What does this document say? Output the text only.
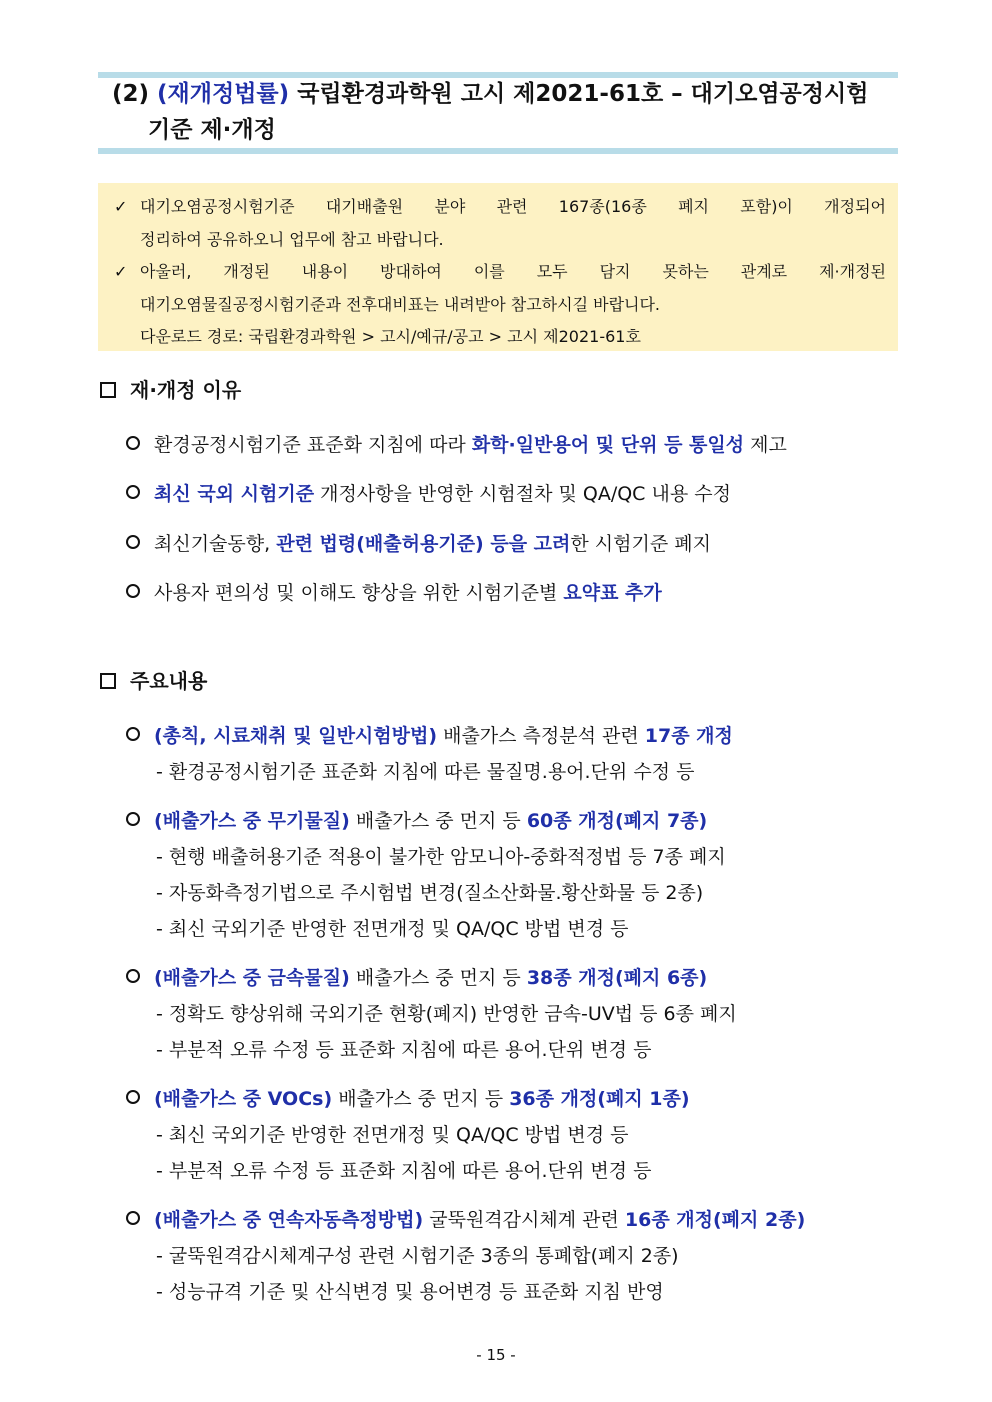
(2) (재개정법률) 국립환경과학원 고시 제2021-61호 – 대기오염공정시험
기준 제·개정
✓ 대기오염공정시험기준 대기배출원 분야 관련 167종(16종 폐지 포함)이 개정되어
정리하여 공유하오니 업무에 참고 바랍니다.
✓ 아울러, 개정된 내용이 방대하여 이를 모두 담지 못하는 관계로 제·개정된
대기오염물질공정시험기준과 전후대비표는 내려받아 참고하시길 바랍니다.
다운로드 경로: 국립환경과학원 > 고시/예규/공고 > 고시 제2021-61호
재·개정 이유
환경공정시험기준 표준화 지침에 따라 화학·일반용어 및 단위 등 통일성 제고
최신 국외 시험기준 개정사항을 반영한 시험절차 및 QA/QC 내용 수정
최신기술동향, 관련 법령(배출허용기준) 등을 고려한 시험기준 폐지
사용자 편의성 및 이해도 향상을 위한 시험기준별 요약표 추가
주요내용
(총칙, 시료채취 및 일반시험방법) 배출가스 측정분석 관련 17종 개정
- 환경공정시험기준 표준화 지침에 따른 물질명.용어.단위 수정 등
(배출가스 중 무기물질) 배출가스 중 먼지 등 60종 개정(폐지 7종)
- 현행 배출허용기준 적용이 불가한 암모니아-중화적정법 등 7종 폐지
- 자동화측정기법으로 주시험법 변경(질소산화물.황산화물 등 2종)
- 최신 국외기준 반영한 전면개정 및 QA/QC 방법 변경 등
(배출가스 중 금속물질) 배출가스 중 먼지 등 38종 개정(폐지 6종)
- 정확도 향상위해 국외기준 현황(폐지) 반영한 금속-UV법 등 6종 폐지
- 부분적 오류 수정 등 표준화 지침에 따른 용어.단위 변경 등
(배출가스 중 VOCs) 배출가스 중 먼지 등 36종 개정(폐지 1종)
- 최신 국외기준 반영한 전면개정 및 QA/QC 방법 변경 등
- 부분적 오류 수정 등 표준화 지침에 따른 용어.단위 변경 등
(배출가스 중 연속자동측정방법) 굴뚝원격감시체계 관련 16종 개정(폐지 2종)
- 굴뚝원격감시체계구성 관련 시험기준 3종의 통폐합(폐지 2종)
- 성능규격 기준 및 산식변경 및 용어변경 등 표준화 지침 반영
- 15 -
